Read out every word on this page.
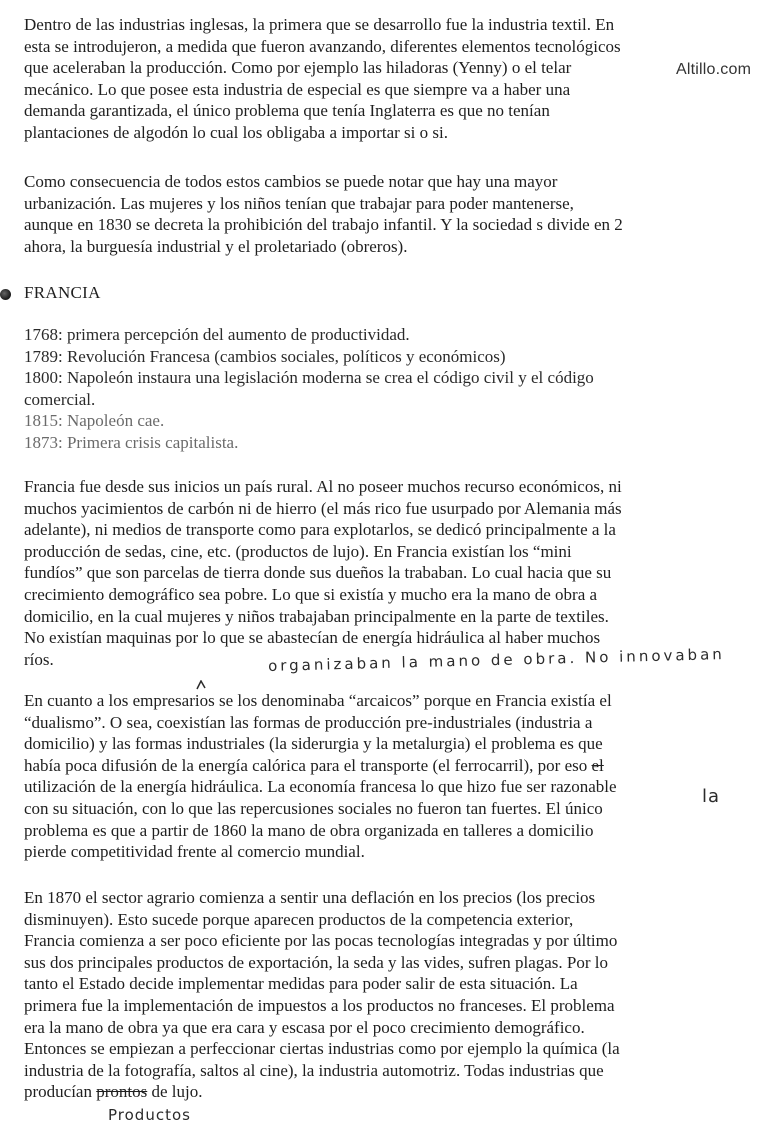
Altillo.com
Dentro de las industrias inglesas, la primera que se desarrollo fue la industria textil. En
esta se introdujeron, a medida que fueron avanzando, diferentes elementos tecnológicos
que aceleraban la producción. Como por ejemplo las hiladoras (Yenny) o el telar
mecánico. Lo que posee esta industria de especial es que siempre va a haber una
demanda garantizada, el único problema que tenía Inglaterra es que no tenían
plantaciones de algodón lo cual los obligaba a importar si o si.
Como consecuencia de todos estos cambios se puede notar que hay una mayor
urbanización. Las mujeres y los niños tenían que trabajar para poder mantenerse,
aunque en 1830 se decreta la prohibición del trabajo infantil. Y la sociedad s divide en 2
ahora, la burguesía industrial y el proletariado (obreros).
FRANCIA
1768: primera percepción del aumento de productividad.
1789: Revolución Francesa (cambios sociales, políticos y económicos)
1800: Napoleón instaura una legislación moderna se crea el código civil y el código
comercial.
1815: Napoleón cae.
1873: Primera crisis capitalista.
Francia fue desde sus inicios un país rural. Al no poseer muchos recurso económicos, ni
muchos yacimientos de carbón ni de hierro (el más rico fue usurpado por Alemania más
adelante), ni medios de transporte como para explotarlos, se dedicó principalmente a la
producción de sedas, cine, etc. (productos de lujo). En Francia existían los “mini
fundíos” que son parcelas de tierra donde sus dueños la trababan. Lo cual hacia que su
crecimiento demográfico sea pobre. Lo que si existía y mucho era la mano de obra a
domicilio, en la cual mujeres y niños trabajaban principalmente en la parte de textiles.
No existían maquinas por lo que se abastecían de energía hidráulica al haber muchos
ríos.	organizaban la mano de obra. No innovaban
En cuanto a los empresarios se los denominaba “arcaicos” porque en Francia existía el
“dualismo”. O sea, coexistían las formas de producción pre-industriales (industria a
domicilio) y las formas industriales (la siderurgia y la metalurgia) el problema es que
había poca difusión de la energía calórica para el transporte (el ferrocarril), por eso el
utilización de la energía hidráulica. La economía francesa lo que hizo fue ser razonable
con su situación, con lo que las repercusiones sociales no fueron tan fuertes. El único
problema es que a partir de 1860 la mano de obra organizada en talleres a domicilio
pierde competitividad frente al comercio mundial.
la
En 1870 el sector agrario comienza a sentir una deflación en los precios (los precios
disminuyen). Esto sucede porque aparecen productos de la competencia exterior,
Francia comienza a ser poco eficiente por las pocas tecnologías integradas y por último
sus dos principales productos de exportación, la seda y las vides, sufren plagas. Por lo
tanto el Estado decide implementar medidas para poder salir de esta situación. La
primera fue la implementación de impuestos a los productos no franceses. El problema
era la mano de obra ya que era cara y escasa por el poco crecimiento demográfico.
Entonces se empiezan a perfeccionar ciertas industrias como por ejemplo la química (la
industria de la fotografía, saltos al cine), la industria automotriz. Todas industrias que
producían prontos de lujo.
Productos
